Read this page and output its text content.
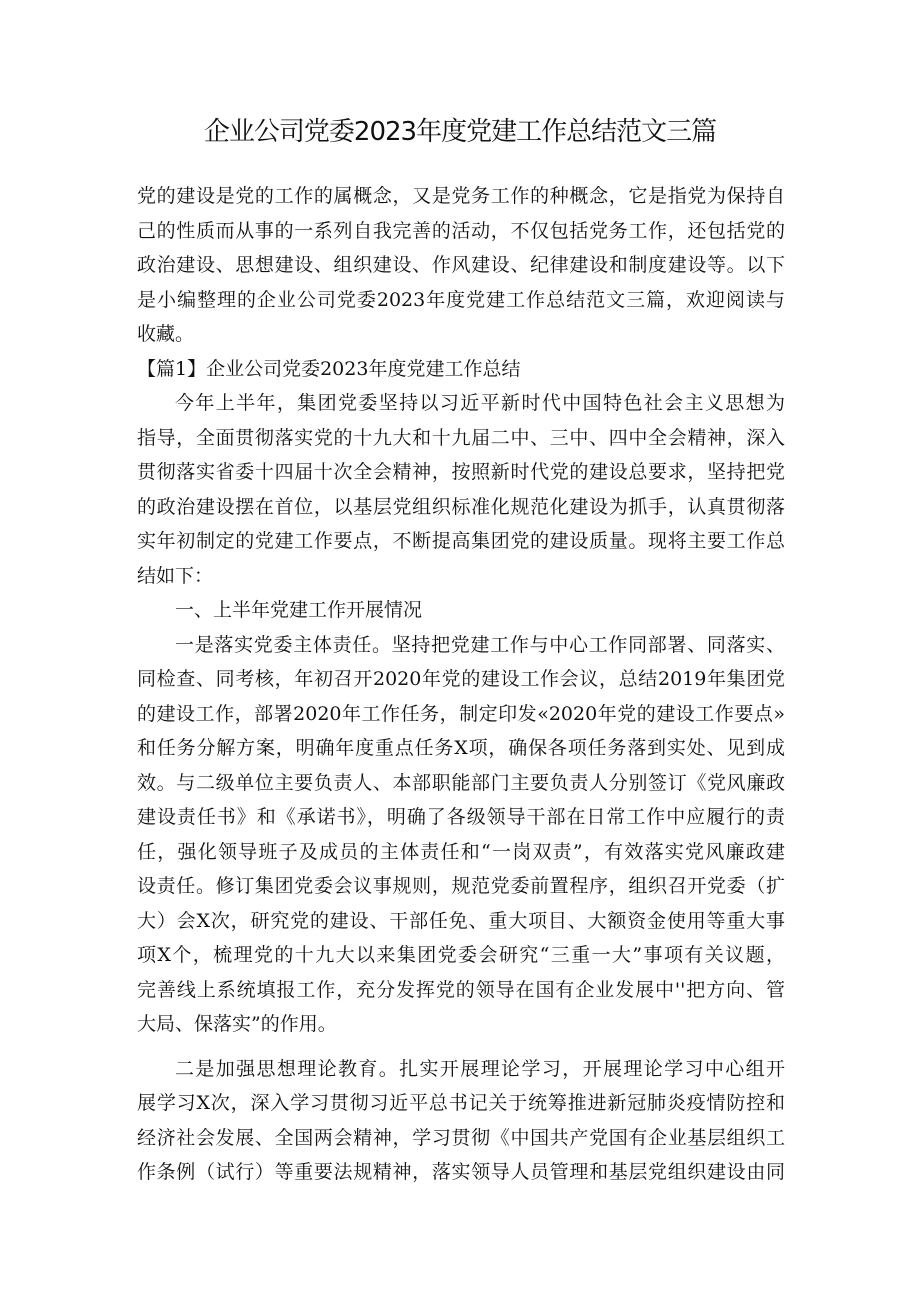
企业公司党委2023年度党建工作总结范文三篇
党的建设是党的工作的属概念，又是党务工作的种概念，它是指党为保持自
己的性质而从事的一系列自我完善的活动，不仅包括党务工作，还包括党的
政治建设、思想建设、组织建设、作风建设、纪律建设和制度建设等。以下
是小编整理的企业公司党委2023年度党建工作总结范文三篇，欢迎阅读与
收藏。
【篇1】企业公司党委2023年度党建工作总结
今年上半年，集团党委坚持以习近平新时代中国特色社会主义思想为
指导，全面贯彻落实党的十九大和十九届二中、三中、四中全会精神，深入
贯彻落实省委十四届十次全会精神，按照新时代党的建设总要求，坚持把党
的政治建设摆在首位，以基层党组织标准化规范化建设为抓手，认真贯彻落
实年初制定的党建工作要点，不断提高集团党的建设质量。现将主要工作总
结如下：
一、上半年党建工作开展情况
一是落实党委主体责任。坚持把党建工作与中心工作同部署、同落实、
同检查、同考核，年初召开2020年党的建设工作会议，总结2019年集团党
的建设工作，部署2020年工作任务，制定印发«2020年党的建设工作要点»
和任务分解方案，明确年度重点任务X项，确保各项任务落到实处、见到成
效。与二级单位主要负责人、本部职能部门主要负责人分别签订《党风廉政
建设责任书》和《承诺书》，明确了各级领导干部在日常工作中应履行的责
任，强化领导班子及成员的主体责任和“一岗双责”，有效落实党风廉政建
设责任。修订集团党委会议事规则，规范党委前置程序，组织召开党委（扩
大）会X次，研究党的建设、干部任免、重大项目、大额资金使用等重大事
项X个，梳理党的十九大以来集团党委会研究“三重一大”事项有关议题，
完善线上系统填报工作，充分发挥党的领导在国有企业发展中''把方向、管
大局、保落实”的作用。
二是加强思想理论教育。扎实开展理论学习，开展理论学习中心组开
展学习X次，深入学习贯彻习近平总书记关于统筹推进新冠肺炎疫情防控和
经济社会发展、全国两会精神，学习贯彻《中国共产党国有企业基层组织工
作条例（试行）等重要法规精神，落实领导人员管理和基层党组织建设由同
